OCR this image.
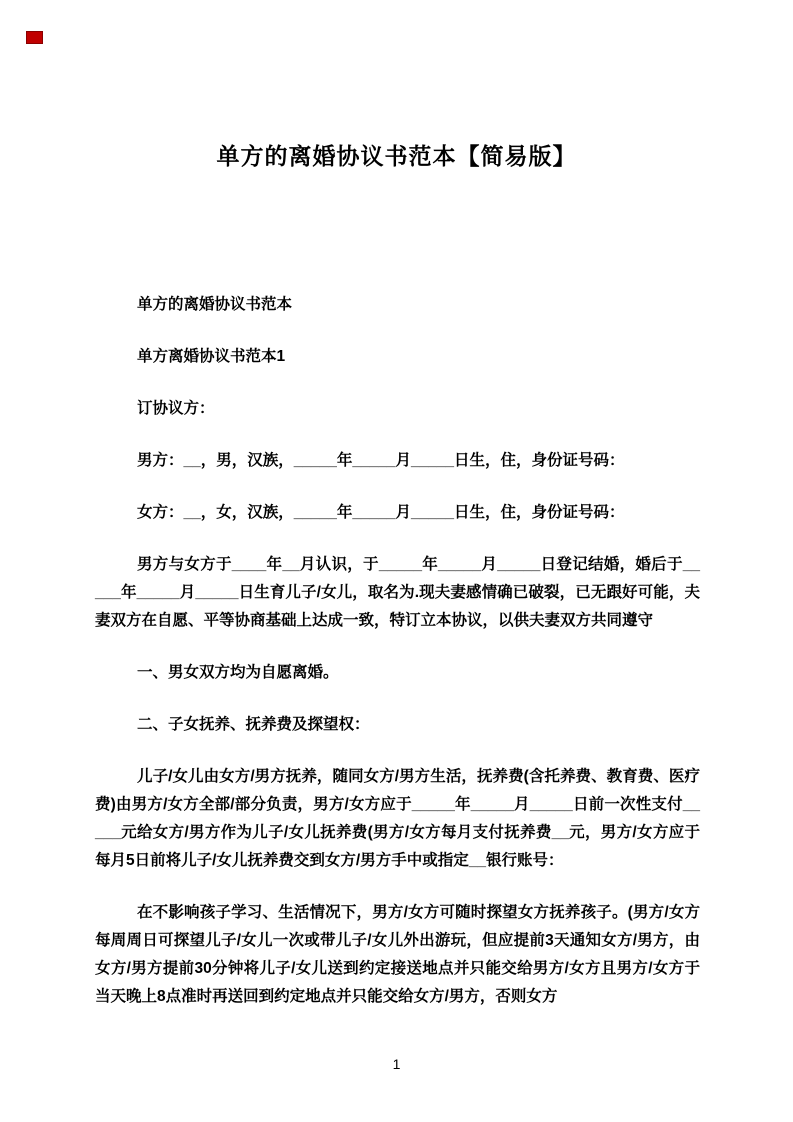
单方的离婚协议书范本【简易版】

单方的离婚协议书范本

单方离婚协议书范本1

订协议方：

男方：__，男，汉族，_____年_____月_____日生，住，身份证号码：

女方：__，女，汉族，_____年_____月_____日生，住，身份证号码：

男方与女方于____年__月认识，于_____年_____月_____日登记结婚，婚后于_____年_____月_____日生育儿子/女儿，取名为.现夫妻感情确已破裂，已无跟好可能，夫妻双方在自愿、平等协商基础上达成一致，特订立本协议，以供夫妻双方共同遵守

一、男女双方均为自愿离婚。

二、子女抚养、抚养费及探望权：

儿子/女儿由女方/男方抚养，随同女方/男方生活，抚养费(含托养费、教育费、医疗费)由男方/女方全部/部分负责，男方/女方应于_____年_____月_____日前一次性支付_____元给女方/男方作为儿子/女儿抚养费(男方/女方每月支付抚养费__元，男方/女方应于每月5日前将儿子/女儿抚养费交到女方/男方手中或指定__银行账号：

在不影响孩子学习、生活情况下，男方/女方可随时探望女方抚养孩子。(男方/女方每周周日可探望儿子/女儿一次或带儿子/女儿外出游玩，但应提前3天通知女方/男方，由女方/男方提前30分钟将儿子/女儿送到约定接送地点并只能交给男方/女方且男方/女方于当天晚上8点准时再送回到约定地点并只能交给女方/男方，否则女方

1
